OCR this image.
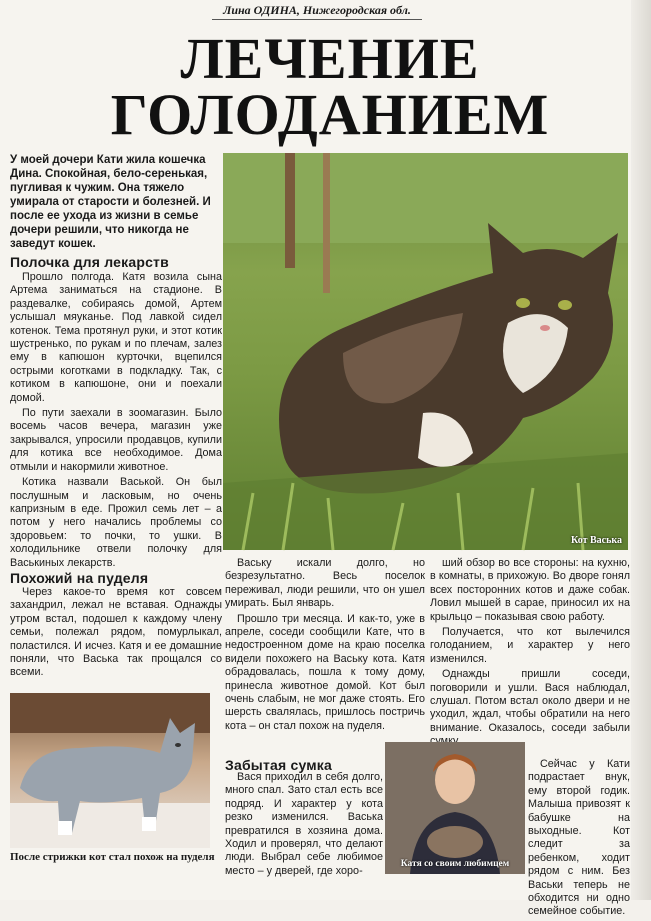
Лина ОДИНА, Нижегородская обл.
ЛЕЧЕНИЕ
ГОЛОДАНИЕМ
У моей дочери Кати жила кошечка Дина. Спокойная, бело-серенькая, пугливая к чужим. Она тяжело умирала от старости и болезней. И после ее ухода из жизни в семье дочери решили, что никогда не заведут кошек.
Полочка для лекарств

Прошло полгода. Катя возила сына Артема заниматься на стадионе. В раздевалке, собираясь домой, Артем услышал мяуканье. Под лавкой сидел котенок. Тема протянул руки, и этот котик шустренько, по рукам и по плечам, залез ему в капюшон курточки, вцепился острыми коготками в подкладку. Так, с котиком в капюшоне, они и поехали домой.

По пути заехали в зоомагазин. Было восемь часов вечера, магазин уже закрывался, упросили продавцов, купили для котика все необходимое. Дома отмыли и накормили животное.

Котика назвали Васькой. Он был послушным и ласковым, но очень капризным в еде. Прожил семь лет – а потом у него начались проблемы со здоровьем: то почки, то ушки. В холодильнике отвели полочку для Васькиных лекарств.

Похожий на пуделя

Через какое-то время кот совсем захандрил, лежал не вставая. Однажды утром встал, подошел к каждому члену семьи, полежал рядом, помурлыкал, поластился. И исчез. Катя и ее домашние поняли, что Васька так прощался со всеми.

Кот Васька

Ваську искали долго, но безрезультатно. Весь поселок переживал, люди решили, что он ушел умирать. Был январь.

Прошло три месяца. И как-то, уже в апреле, соседи сообщили Кате, что в недостроенном доме на краю поселка видели похожего на Ваську кота. Катя обрадовалась, пошла к тому дому, принесла животное домой. Кот был очень слабым, не мог даже стоять. Его шерсть свалялась, пришлось постричь кота – он стал похож на пуделя.

Забытая сумка

Вася приходил в себя долго, много спал. Зато стал есть все подряд. И характер у кота резко изменился. Васька превратился в хозяина дома. Ходил и проверял, что делают люди. Выбрал себе любимое место – у дверей, где хоро-

ший обзор во все стороны: на кухню, в комнаты, в прихожую. Во дворе гонял всех посторонних котов и даже собак. Ловил мышей в сарае, приносил их на крыльцо – показывая свою работу.

Получается, что кот вылечился голоданием, и характер у него изменился.

Однажды пришли соседи, поговорили и ушли. Вася наблюдал, слушал. Потом встал около двери и не уходил, ждал, чтобы обратили на него внимание. Оказалось, соседи забыли

Сейчас у Кати подрастает внук, ему второй годик. Малыша привозят к бабушке на выходные. Кот следит за ребенком, ходит рядом с ним. Без Васьки теперь не обходится ни одно семейное событие.

После стрижки кот стал похож на пуделя
Катя со своим любимцем
